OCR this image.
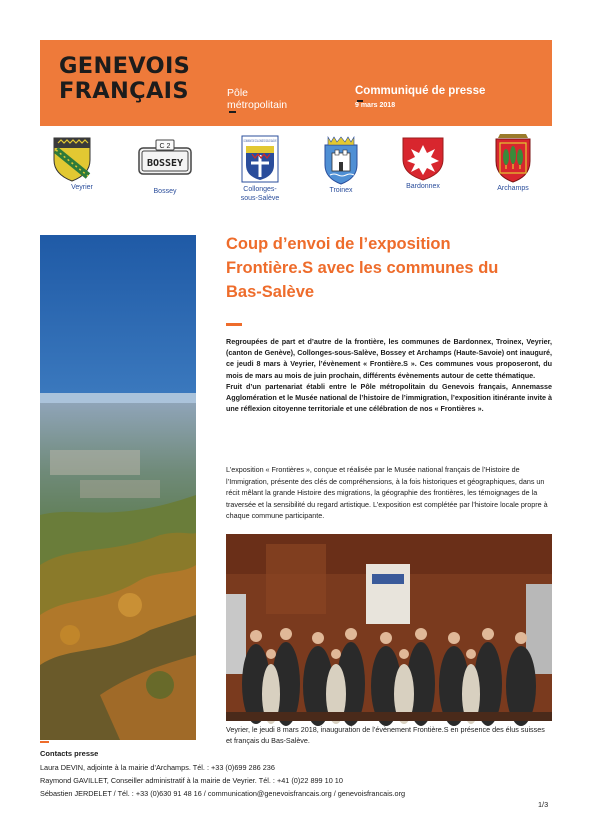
GENEVOIS
FRANÇAIS	Pôle
métropolitain
Communiqué de presse
9 mars 2018
Veyrier
C 2
BOSSEY
Bossey
COMMUNE DE COLLONGES-SOUS-SALÈVE
Collonges-
sous-Salève
Troinex
Bardonnex	Archamps
Coup d’envoi de l’exposition
Frontière.S avec les communes du
Bas-Salève

Regroupées de part et d’autre de la frontière, les communes de Bardonnex, Troinex, Veyrier, (canton de Genève), Collonges-sous-Salève, Bossey et Archamps (Haute-Savoie) ont inauguré, ce jeudi 8 mars à Veyrier, l’évènement « Frontière.S ». Ces communes vous proposeront, du mois de mars au mois de juin prochain, différents évènements autour de cette thématique.

Fruit d’un partenariat établi entre le Pôle métropolitain du Genevois français, Annemasse Agglomération et le Musée national de l’histoire de l’immigration, l’exposition itinérante invite à une réflexion citoyenne territoriale et une célébration de nos « Frontières ».

L’exposition « Frontières », conçue et réalisée par le Musée national français de l’Histoire de l’Immigration, présente des clés de compréhensions, à la fois historiques et géographiques, dans un récit mêlant la grande Histoire des migrations, la géographie des frontières, les témoignages de la traversée et la sensibilité du regard artistique. L’exposition est complétée par l’histoire locale propre à chaque commune participante.

Veyrier, le jeudi 8 mars 2018, inauguration de l’évènement Frontière.S en présence des élus suisses et français du Bas-Salève.

Contacts presse
Laura DEVIN, adjointe à la mairie d’Archamps. Tél. : +33 (0)699 286 236
Raymond GAVILLET, Conseiller administratif à la mairie de Veyrier. Tél. : +41 (0)22 899 10 10
Sébastien JERDELET / Tél. : +33 (0)630 91 48 16 / communication@genevoisfrancais.org / genevoisfrancais.org
1/3
